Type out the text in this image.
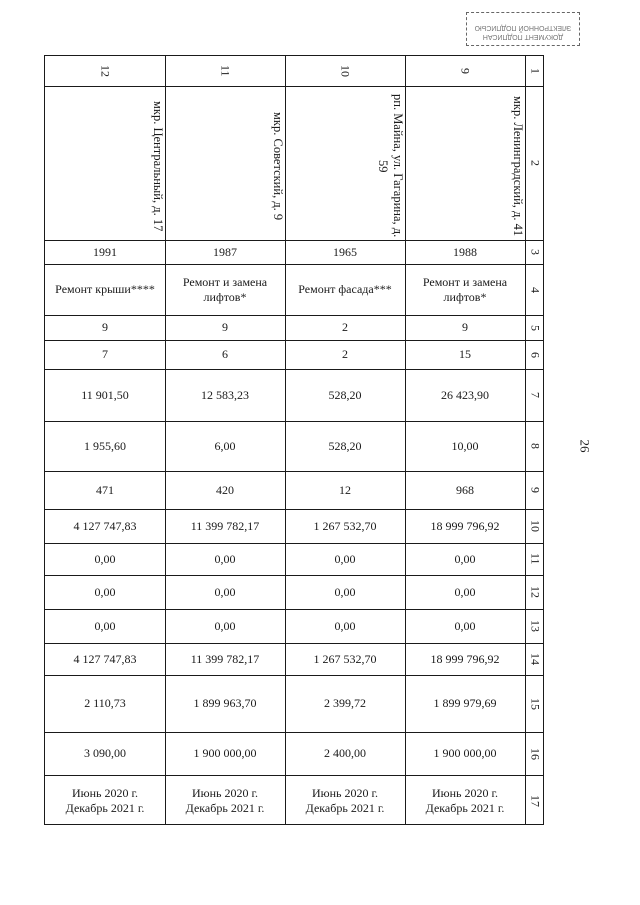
ДОКУМЕНТ ПОДПИСАН ЭЛЕКТРОННОЙ ПОДПИСЬЮ
26
1
2
3
4
5
6
7
8
9
10
11
12
13
14
15
16
17
12
мкр. Центральный, д. 17
1991
Ремонт крыши****
9
7
11 901,50
1 955,60
471
4 127 747,83
0,00
0,00
0,00
4 127 747,83
2 110,73
3 090,00
Июнь 2020 г.
Декабрь 2021 г.
11
мкр. Советский, д. 9
1987
Ремонт и замена лифтов*
9
6
12 583,23
6,00
420
11 399 782,17
0,00
0,00
0,00
11 399 782,17
1 899 963,70
1 900 000,00
Июнь 2020 г.
Декабрь 2021 г.
10
рп. Майна, ул. Гагарина, д. 59
1965
Ремонт фасада***
2
2
528,20
528,20
12
1 267 532,70
0,00
0,00
0,00
1 267 532,70
2 399,72
2 400,00
Июнь 2020 г.
Декабрь 2021 г.
9
мкр. Ленинградский, д. 41
1988
Ремонт и замена лифтов*
9
15
26 423,90
10,00
968
18 999 796,92
0,00
0,00
0,00
18 999 796,92
1 899 979,69
1 900 000,00
Июнь 2020 г.
Декабрь 2021 г.
